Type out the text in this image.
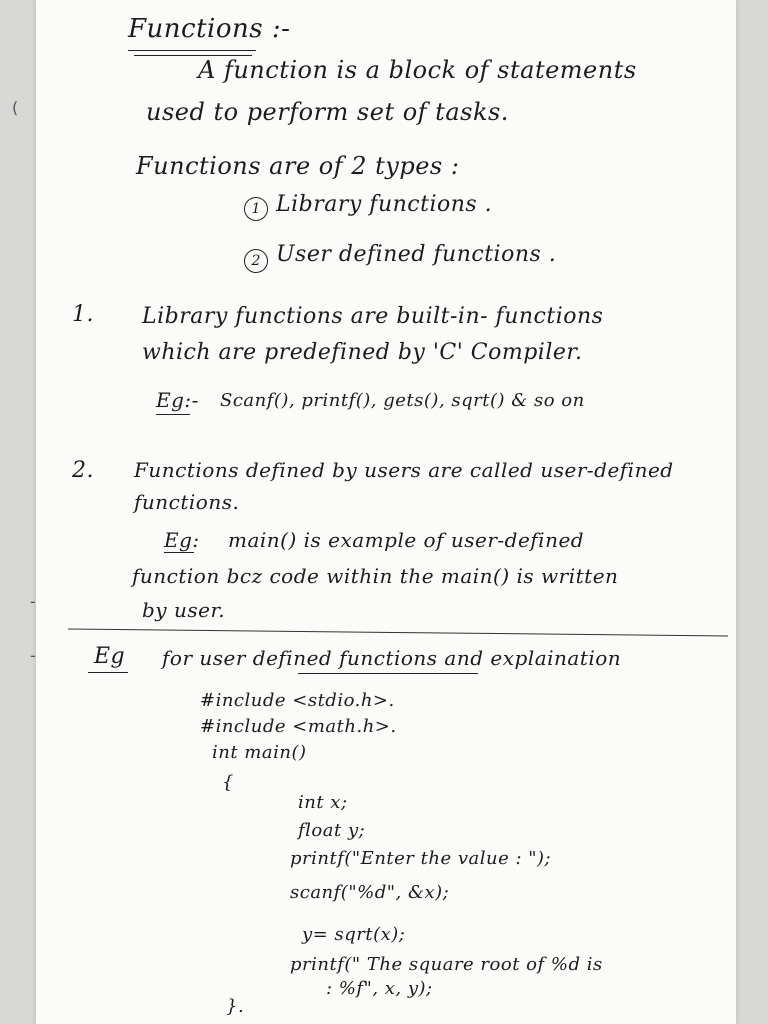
Functions :-
A function is a block of statements
used to perform set of tasks.
Functions are of 2 types :
1 Library functions .
2 User defined functions .
1. Library functions are built-in- functions
which are predefined by 'C' Compiler.
Eg:- Scanf(), printf(), gets(), sqrt() & so on
2. Functions defined by users are called user-defined
functions.
Eg: main() is example of user-defined
function bcz code within the main() is written
by user.
Eg for user defined functions and explaination
#include <stdio.h>.
#include <math.h>.
int main()
{
int x;
float y;
printf("Enter the value : ");
scanf("%d", &x);
y= sqrt(x);
printf(" The square root of %d is
: %f", x, y);
}.
(
-
-
